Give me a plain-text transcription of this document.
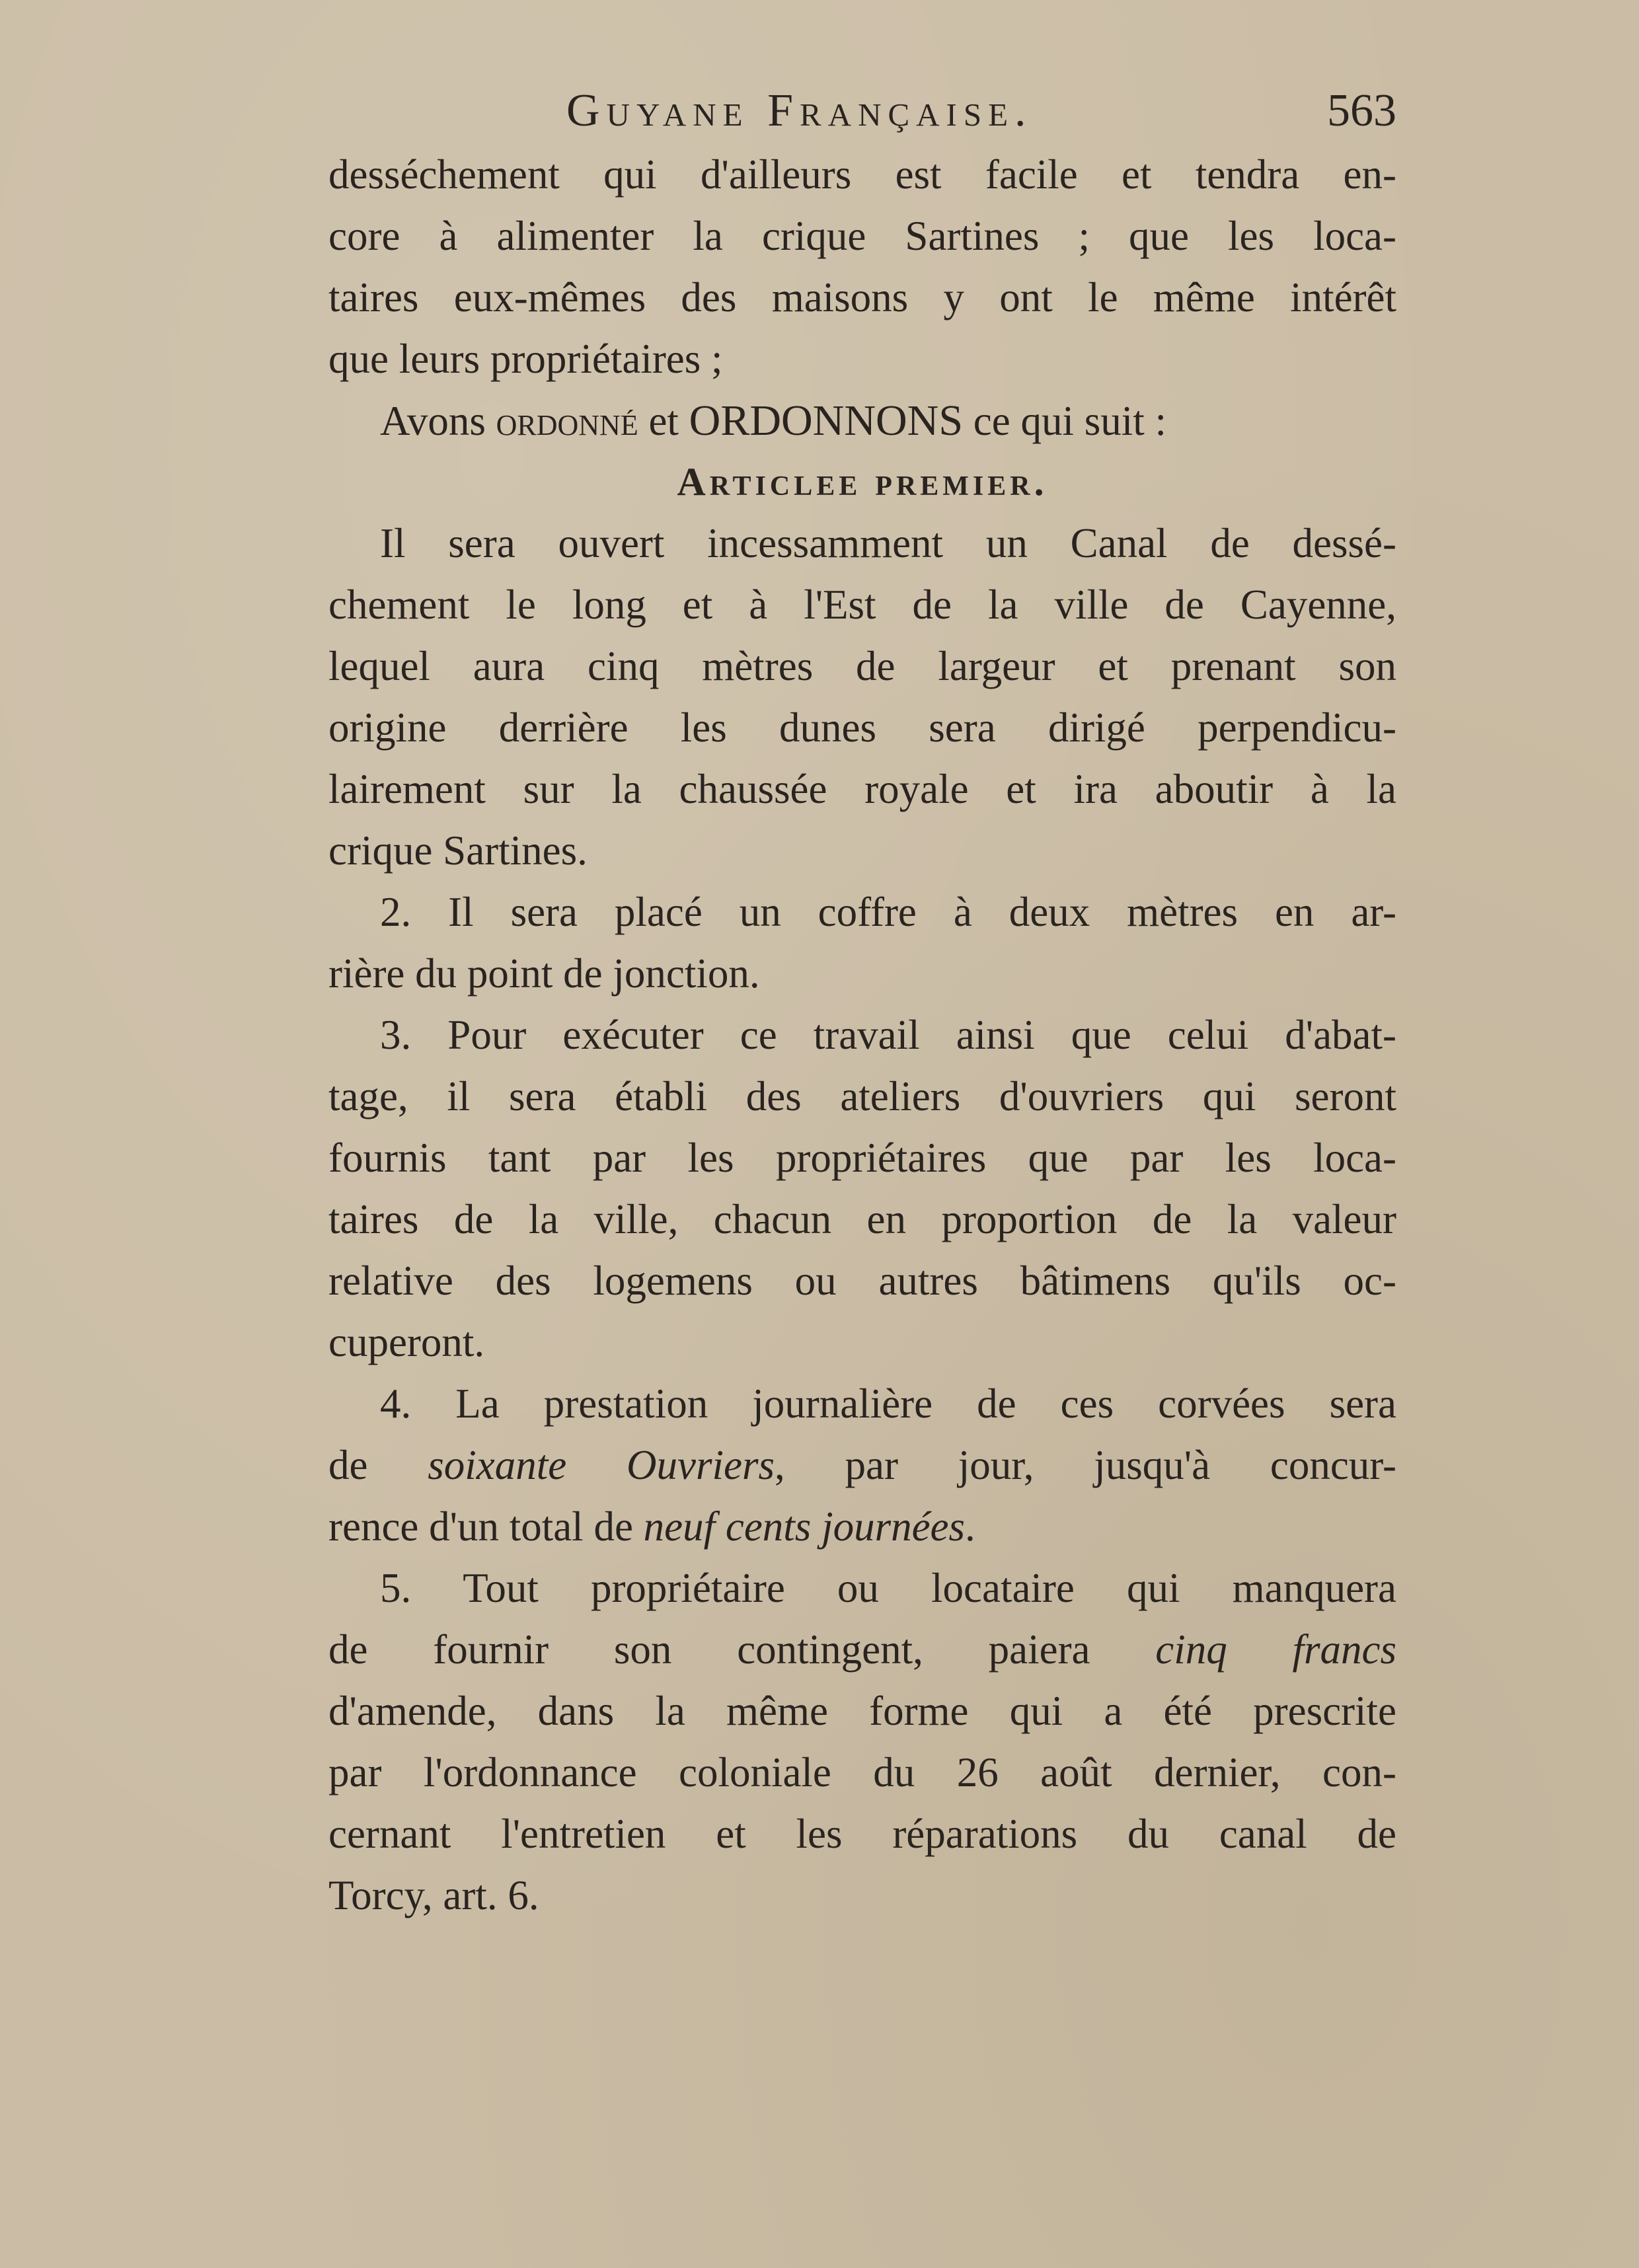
Guyane Française.	563
desséchement qui d'ailleurs est facile et tendra en-
core à alimenter la crique Sartines ; que les loca-
taires eux-mêmes des maisons y ont le même intérêt
que leurs propriétaires ;
Avons ordonné et ORDONNONS ce qui suit :
Articlee premier.
Il sera ouvert incessamment un Canal de dessé-
chement le long et à l'Est de la ville de Cayenne,
lequel aura cinq mètres de largeur et prenant son
origine derrière les dunes sera dirigé perpendicu-
lairement sur la chaussée royale et ira aboutir à la
crique Sartines.
2. Il sera placé un coffre à deux mètres en ar-
rière du point de jonction.
3. Pour exécuter ce travail ainsi que celui d'abat-
tage, il sera établi des ateliers d'ouvriers qui seront
fournis tant par les propriétaires que par les loca-
taires de la ville, chacun en proportion de la valeur
relative des logemens ou autres bâtimens qu'ils oc-
cuperont.
4. La prestation journalière de ces corvées sera
de soixante Ouvriers, par jour, jusqu'à concur-
rence d'un total de neuf cents journées.
5. Tout propriétaire ou locataire qui manquera
de fournir son contingent, paiera cinq francs
d'amende, dans la même forme qui a été prescrite
par l'ordonnance coloniale du 26 août dernier, con-
cernant l'entretien et les réparations du canal de
Torcy, art. 6.
